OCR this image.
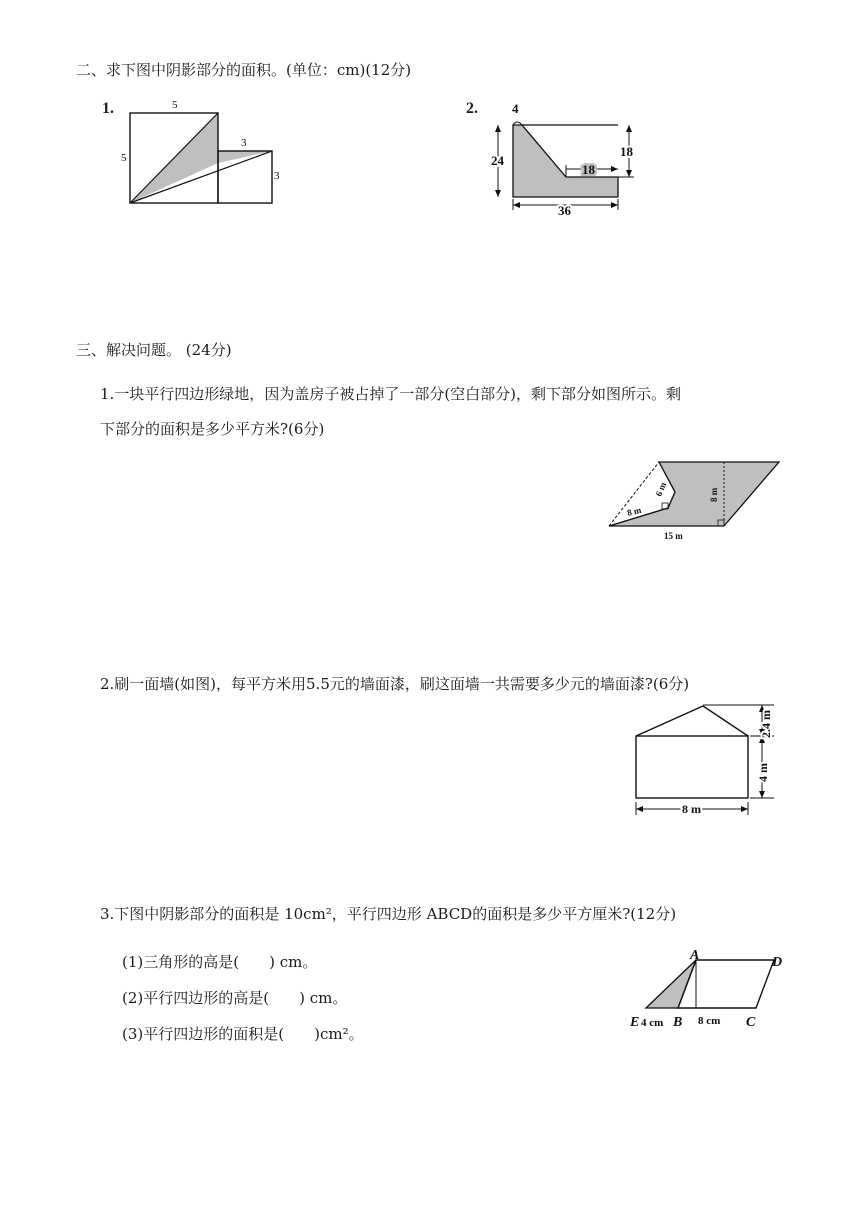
二、求下图中阴影部分的面积。(单位：cm)(12分)
1.	5
5
3
3
2.	4
24
18
18
36
三、解决问题。 (24分)
1.一块平行四边形绿地，因为盖房子被占掉了一部分(空白部分)，剩下部分如图所示。剩
下部分的面积是多少平方米?(6分)
6 m
8 m
8 m
15 m
2.刷一面墙(如图)，每平方米用5.5元的墙面漆，刷这面墙一共需要多少元的墙面漆?(6分)
2.4 m
4 m
8 m
3.下图中阴影部分的面积是 10cm²，平行四边形 ABCD的面积是多少平方厘米?(12分)
(1)三角形的高是(　　) cm。
(2)平行四边形的高是(　　) cm。
(3)平行四边形的面积是(　　)cm²。
A	D
E 4 cm B 8 cm C
